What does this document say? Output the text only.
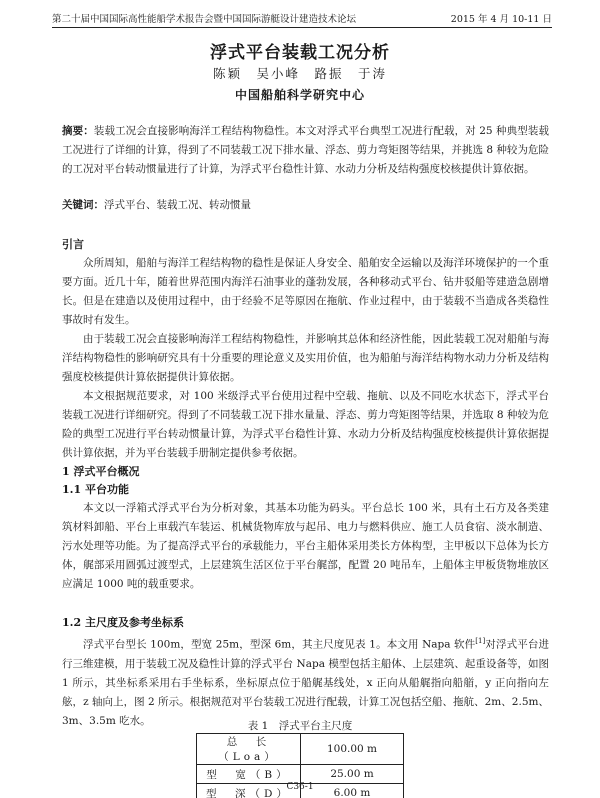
第二十届中国国际高性能船学术报告会暨中国国际游艇设计建造技术论坛	2015 年 4 月 10-11 日
浮式平台装载工况分析
陈颖　吴小峰　路振　于涛
中国船舶科学研究中心
摘要：装载工况会直接影响海洋工程结构物稳性。本文对浮式平台典型工况进行配载，对 25 种典型装载工况进行了详细的计算，得到了不同装载工况下排水量、浮态、剪力弯矩图等结果，并挑选 8 种较为危险的工况对平台转动惯量进行了计算，为浮式平台稳性计算、水动力分析及结构强度校核提供计算依据。
关键词：浮式平台、装载工况、转动惯量
引言

众所周知，船舶与海洋工程结构物的稳性是保证人身安全、船舶安全运输以及海洋环境保护的一个重要方面。近几十年，随着世界范围内海洋石油事业的蓬勃发展，各种移动式平台、钻井驳船等建造急剧增长。但是在建造以及使用过程中，由于经验不足等原因在拖航、作业过程中，由于装载不当造成各类稳性事故时有发生。

由于装载工况会直接影响海洋工程结构物稳性，并影响其总体和经济性能，因此装载工况对船舶与海洋结构物稳性的影响研究具有十分重要的理论意义及实用价值，也为船舶与海洋结构物水动力分析及结构强度校核提供计算依据提供计算依据。

本文根据规范要求，对 100 米级浮式平台使用过程中空载、拖航、以及不同吃水状态下，浮式平台装载工况进行详细研究。得到了不同装载工况下排水量量、浮态、剪力弯矩图等结果，并选取 8 种较为危险的典型工况进行平台转动惯量计算，为浮式平台稳性计算、水动力分析及结构强度校核提供计算依据提供计算依据，并为平台装载手册制定提供参考依据。

1 浮式平台概况
1.1 平台功能

本文以一浮箱式浮式平台为分析对象，其基本功能为码头。平台总长 100 米，具有土石方及各类建筑材料卸船、平台上車载汽车装运、机械货物库放与起吊、电力与燃料供应、施工人员食宿、淡水制造、污水处理等功能。为了提高浮式平台的承载能力，平台主船体采用类长方体构型，主甲板以下总体为长方体，艉部采用圆弧过渡型式，上层建筑生活区位于平台艉部，配置 20 吨吊车，上船体主甲板货物堆放区应满足 1000 吨的载重要求。

1.2 主尺度及参考坐标系

浮式平台型长 100m，型宽 25m，型深 6m，其主尺度见表 1。本文用 Napa 软件[1]对浮式平台进行三维建模，用于装载工况及稳性计算的浮式平台 Napa 模型包括主船体、上层建筑、起重设备等，如图 1 所示，其坐标系采用右手坐标系，坐标原点位于船艉基线处，x 正向从船艉指向船艏，y 正向指向左舷，z 轴向上，图 2 所示。根据规范对平台装载工况进行配载，计算工况包括空船、拖航、2m、2.5m、3m、3.5m 吃水。	表 1　浮式平台主尺度
总　长（Loa）	100.00 m
型　宽（B）	25.00 m
型　深（D）	6.00 m
C36-1
